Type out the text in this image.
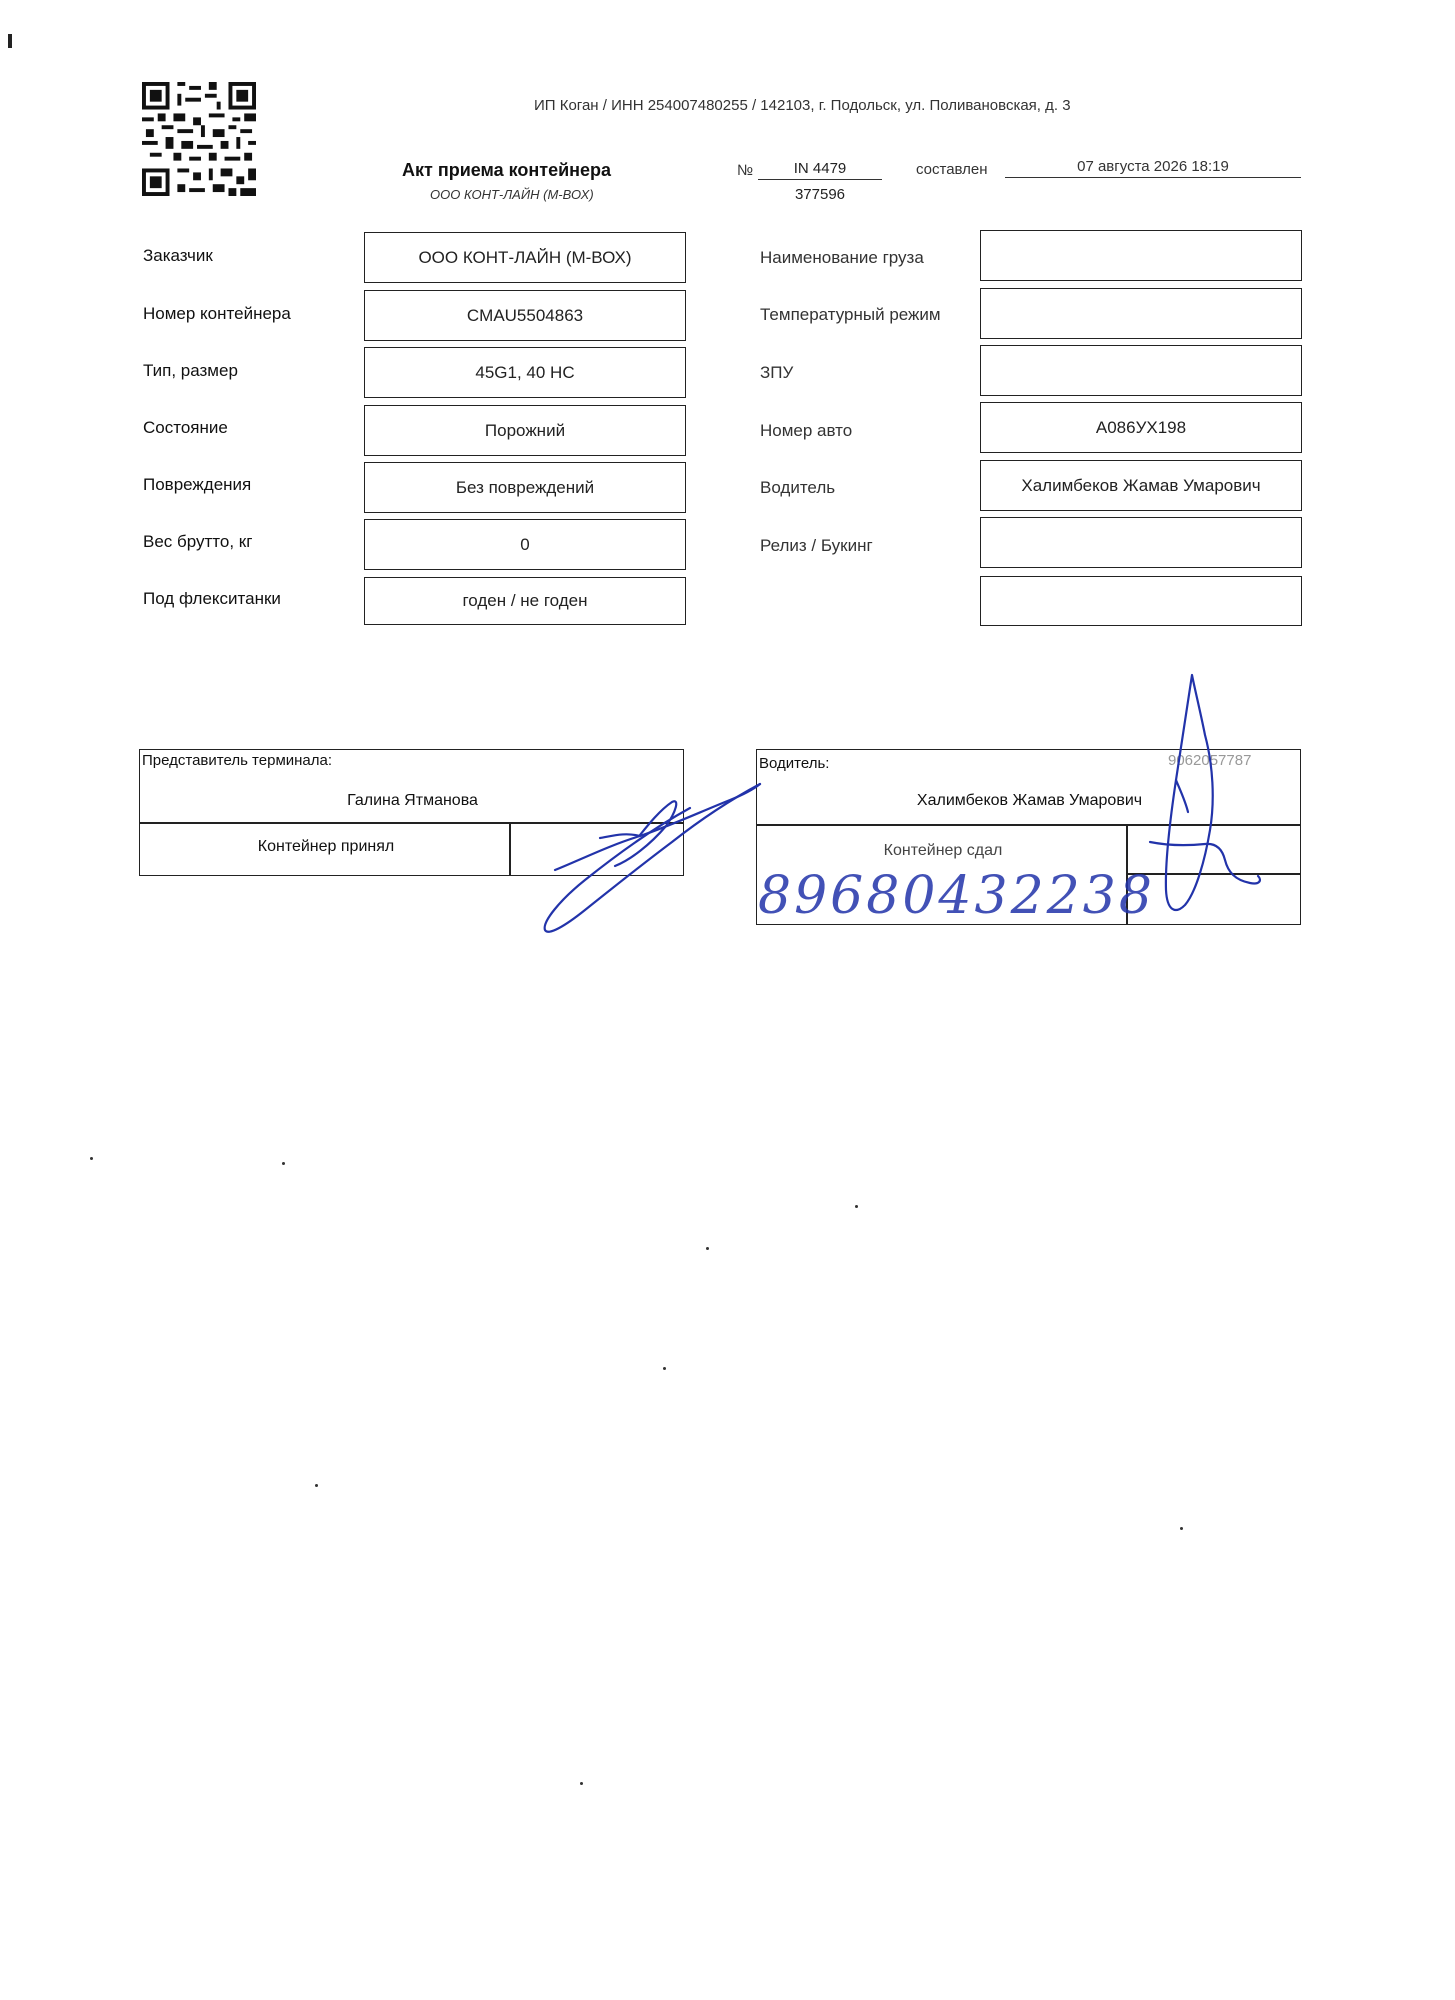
ИП Коган / ИНН 254007480255 / 142103, г. Подольск, ул. Поливановская, д. 3
Акт приема контейнера
ООО КОНТ-ЛАЙН (М-ВОХ)
№	IN 4479
377596
составлен	07 августа 2026 18:19
Заказчик	ООО КОНТ-ЛАЙН (М-ВОХ)
Номер контейнера	CMAU5504863
Тип, размер	45G1, 40 HC
Состояние	Порожний
Повреждения	Без повреждений
Вес брутто, кг	0
Под флекситанки	годен / не годен
Наименование груза
Температурный режим
ЗПУ
Номер авто	А086УХ198
Водитель	Халимбеков Жамав Умарович
Релиз / Букинг
Представитель терминала:
Галина Ятманова
Контейнер принял
Водитель:
Халимбеков Жамав Умарович
9062057787
Контейнер сдал
89680432238
